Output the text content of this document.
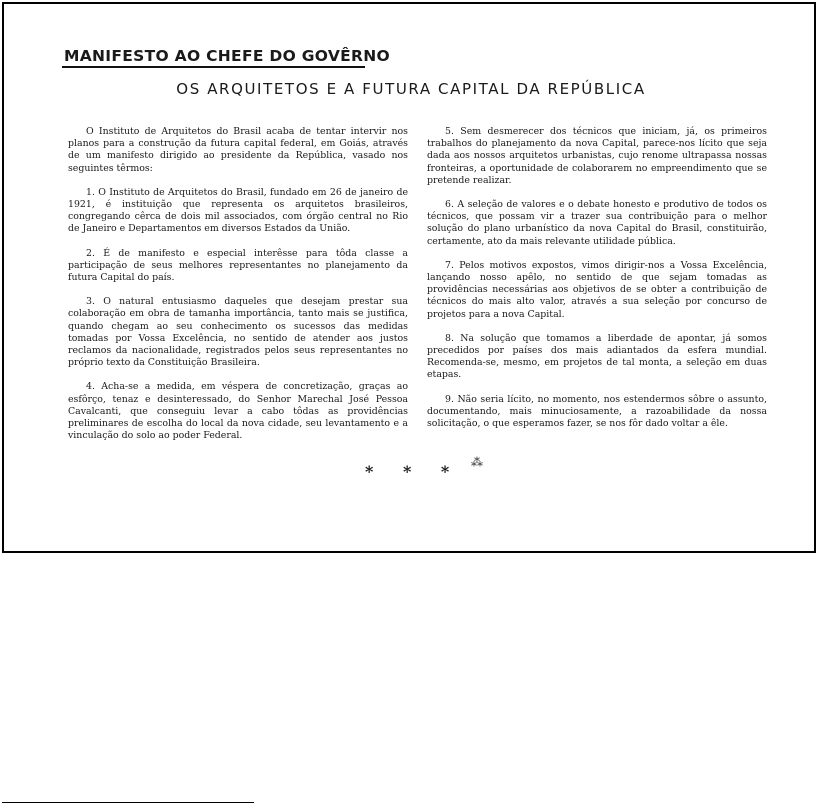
MANIFESTO AO CHEFE DO GOVÊRNO
OS ARQUITETOS E A FUTURA CAPITAL DA REPÚBLICA

O Instituto de Arquitetos do Brasil acaba de tentar intervir nos planos para a construção da futura capital federal, em Goiás, através de um manifesto dirigido ao presidente da República, vasado nos seguintes têrmos:

1. O Instituto de Arquitetos do Brasil, fundado em 26 de janeiro de 1921, é instituição que representa os arquitetos brasileiros, congregando cêrca de dois mil associados, com órgão central no Rio de Janeiro e Departamentos em diversos Estados da União.

2. É de manifesto e especial interêsse para tôda classe a participação de seus melhores representantes no planejamento da futura Capital do país.

3. O natural entusiasmo daqueles que desejam prestar sua colaboração em obra de tamanha importância, tanto mais se justifica, quando chegam ao seu conhecimento os sucessos das medidas tomadas por Vossa Excelência, no sentido de atender aos justos reclamos da nacionalidade, registrados pelos seus representantes no próprio texto da Constituição Brasileira.

4. Acha-se a medida, em véspera de concretização, graças ao esfôrço, tenaz e desinteressado, do Senhor Marechal José Pessoa Cavalcanti, que conseguiu levar a cabo tôdas as providências preliminares de escolha do local da nova cidade, seu levantamento e a vinculação do solo ao poder Federal.

5. Sem desmerecer dos técnicos que iniciam, já, os primeiros trabalhos do planejamento da nova Capital, parece-nos lícito que seja dada aos nossos arquitetos urbanistas, cujo renome ultrapassa nossas fronteiras, a oportunidade de colaborarem no empreendimento que se pretende realizar.

6. A seleção de valores e o debate honesto e produtivo de todos os técnicos, que possam vir a trazer sua contribuição para o melhor solução do plano urbanístico da nova Capital do Brasil, constituirão, certamente, ato da mais relevante utilidade pública.

7. Pelos motivos expostos, vimos dirigir-nos a Vossa Excelência, lançando nosso apêlo, no sentido de que sejam tomadas as providências necessárias aos objetivos de se obter a contribuição de técnicos do mais alto valor, através a sua seleção por concurso de projetos para a nova Capital.

8. Na solução que tomamos a liberdade de apontar, já somos precedidos por países dos mais adiantados da esfera mundial. Recomenda-se, mesmo, em projetos de tal monta, a seleção em duas etapas.

9. Não seria lícito, no momento, nos estendermos sôbre o assunto, documentando, mais minuciosamente, a razoabilidade da nossa solicitação, o que esperamos fazer, se nos fôr dado voltar a êle.

* * * ⁂
